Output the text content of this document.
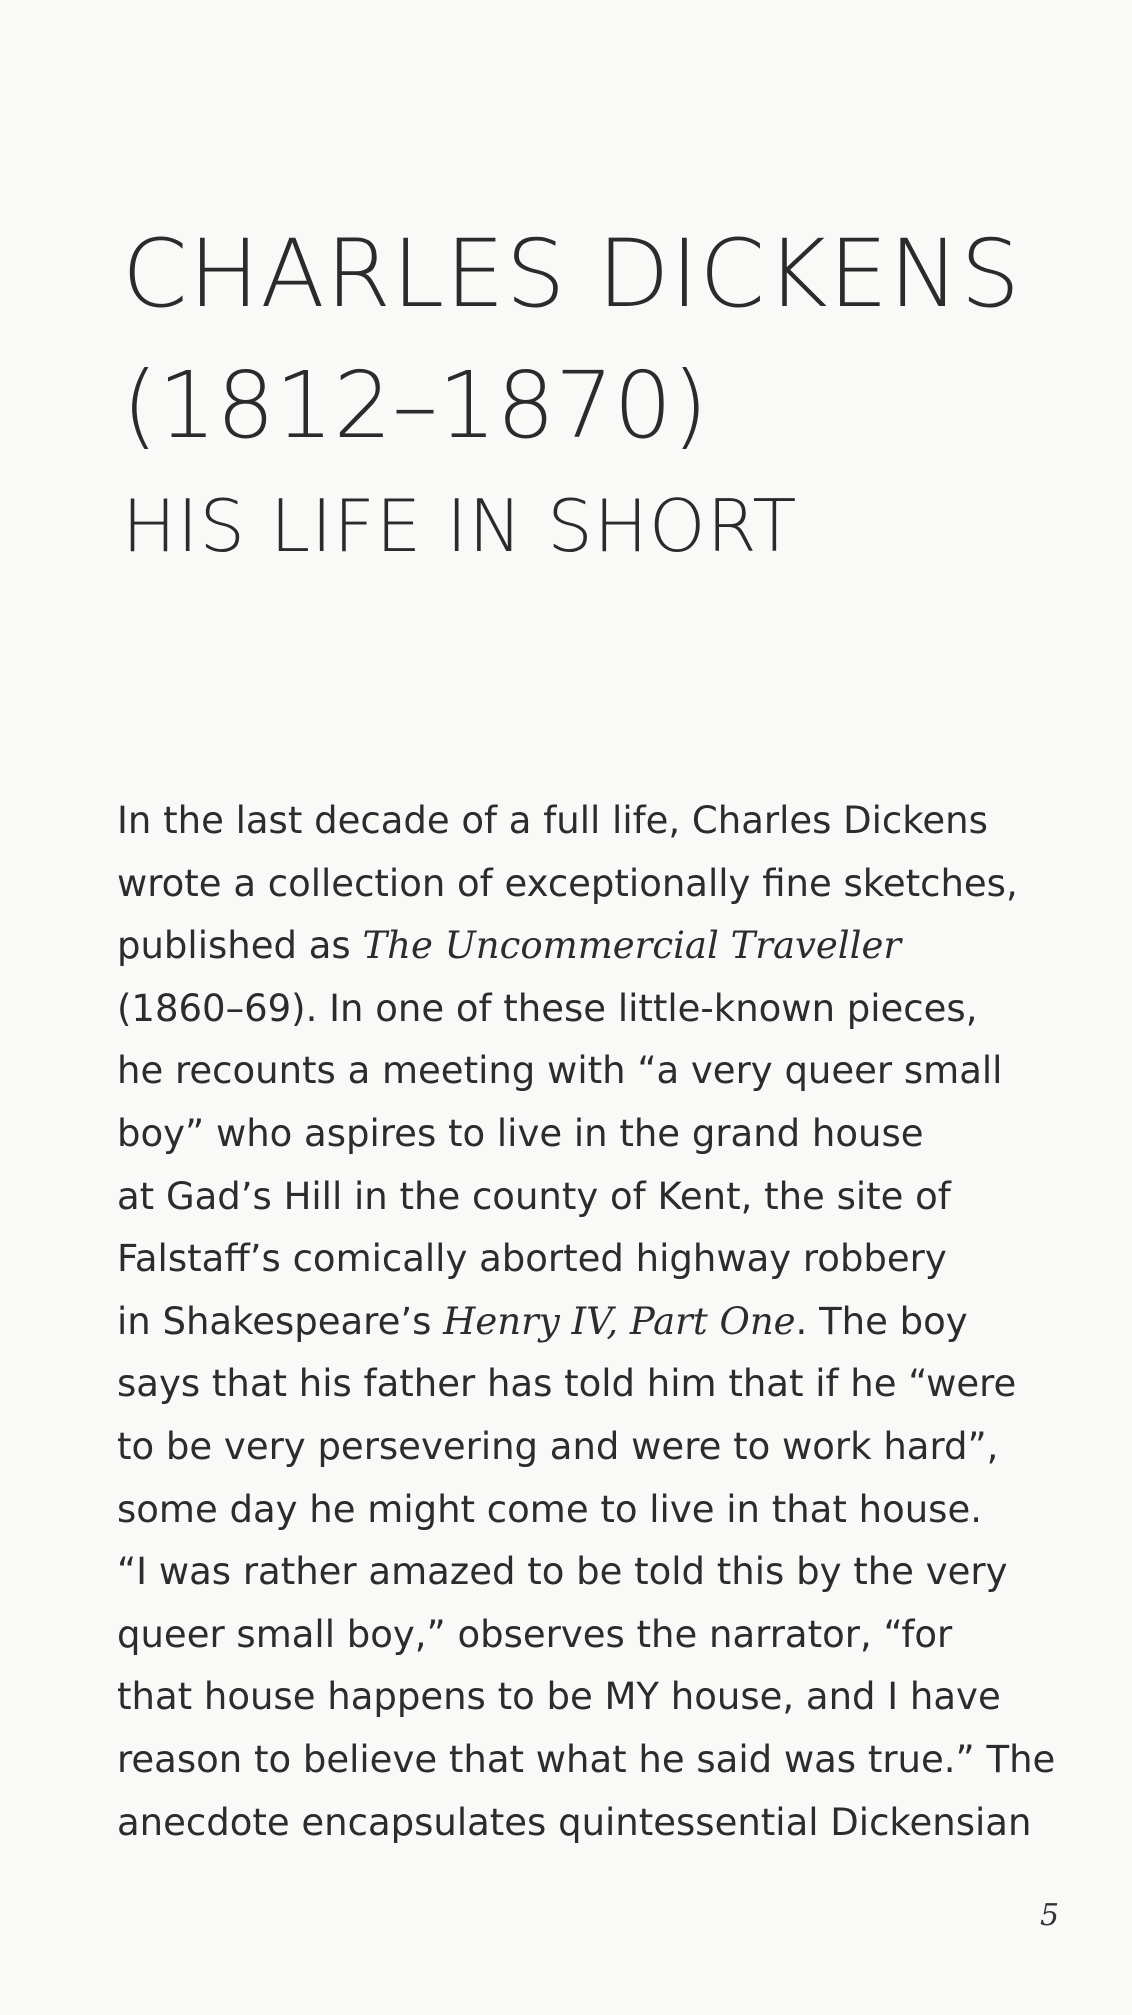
CHARLES DICKENS
(1812–1870)
HIS LIFE IN SHORT
In the last decade of a full life, Charles Dickens
wrote a collection of exceptionally fine sketches,
published as The Uncommercial Traveller
(1860–69). In one of these little-known pieces,
he recounts a meeting with “a very queer small
boy” who aspires to live in the grand house
at Gad’s Hill in the county of Kent, the site of
Falstaff’s comically aborted highway robbery
in Shakespeare’s Henry IV, Part One. The boy
says that his father has told him that if he “were
to be very persevering and were to work hard”,
some day he might come to live in that house.
“I was rather amazed to be told this by the very
queer small boy,” observes the narrator, “for
that house happens to be MY house, and I have
reason to believe that what he said was true.” The
anecdote encapsulates quintessential Dickensian
5
